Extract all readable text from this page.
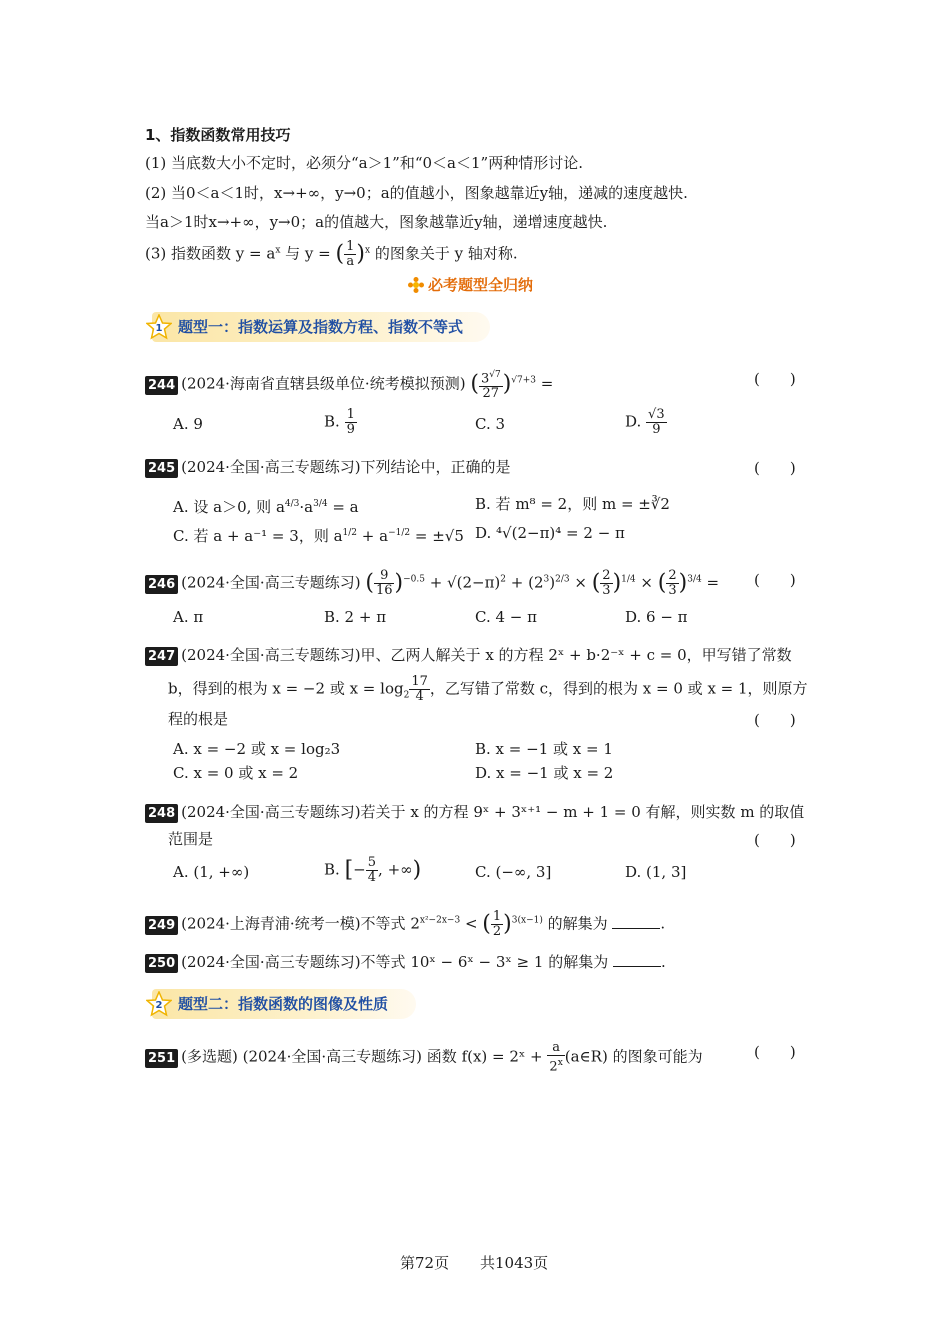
1、指数函数常用技巧
(1) 当底数大小不定时，必须分“a＞1”和“0＜a＜1”两种情形讨论.
(2) 当0＜a＜1时，x→+∞，y→0；a的值越小，图象越靠近y轴，递减的速度越快.
当a＞1时x→+∞，y→0；a的值越大，图象越靠近y轴，递增速度越快.
(3) 指数函数 $y = a^x$ 与 y = ( $\frac{1}{a} )^x$ 的图象关于 y 轴对称.
必考题型全归纳
1 题型一：指数运算及指数方程、指数不等式
244 (2024·海南省直辖县级单位·统考模拟预测) ( $\frac{3^{√7}}{27} )^{√7+3}$ =	(　　)
A. 9	B. $\frac{1}{9}$	C. 3	D. $\frac{√3}{9}$
245 (2024·全国·高三专题练习)下列结论中，正确的是	(　　)
A. 设 a＞0, 则 $a^{4/3}\cdot a^{3/4} = a$	B. 若 m⁸ = 2，则 m = ±∛2
C. 若 a + a⁻¹ = 3，则 $a^{1/2} + a^{-1/2} = \pm√5$ D. ⁴√(2−π)⁴ = 2 − π
246 (2024·全国·高三专题练习) ( $\frac{9}{16} )^{-0.5} + √(2-\pi)^2 + (2^3)^{2/3}$ × ( $\frac{2}{3} )^{1/4}$ × ( $\frac{2}{3} )^{3/4}$ = (　　)
A. π	B. 2 + π	C. 4 − π	D. 6 − π
247 (2024·全国·高三专题练习)甲、乙两人解关于 x 的方程 2ˣ + b·2⁻ˣ + c = 0，甲写错了常数
b，得到的根为 x = −2 或 $x = \log_2 \frac{17}{4}$ ，乙写错了常数 c，得到的根为 x = 0 或 x = 1，则原方
程的根是	(　　)
A. x = −2 或 x = log₂3	B. x = −1 或 x = 1
C. x = 0 或 x = 2	D. x = −1 或 x = 2
248 (2024·全国·高三专题练习)若关于 x 的方程 9ˣ + 3ˣ⁺¹ − m + 1 = 0 有解，则实数 m 的取值
范围是	(　　)
A. (1, +∞)	B. [− $\frac{5}{4}$ , +∞)	C. (−∞, 3]	D. (1, 3]
249 (2024·上海青浦·统考一模)不等式 $2^{x^2-2x-3}$ < ( $\frac{1}{2} )^{3(x-1)}$ 的解集为	.
250 (2024·全国·高三专题练习)不等式 10ˣ − 6ˣ − 3ˣ ≥ 1 的解集为	.
2 题型二：指数函数的图像及性质
251 (多选题) (2024·全国·高三专题练习) 函数 f(x) = 2ˣ + $\frac{a}{2^x}$ (a∈R) 的图象可能为	(　　)
第72页 共1043页
